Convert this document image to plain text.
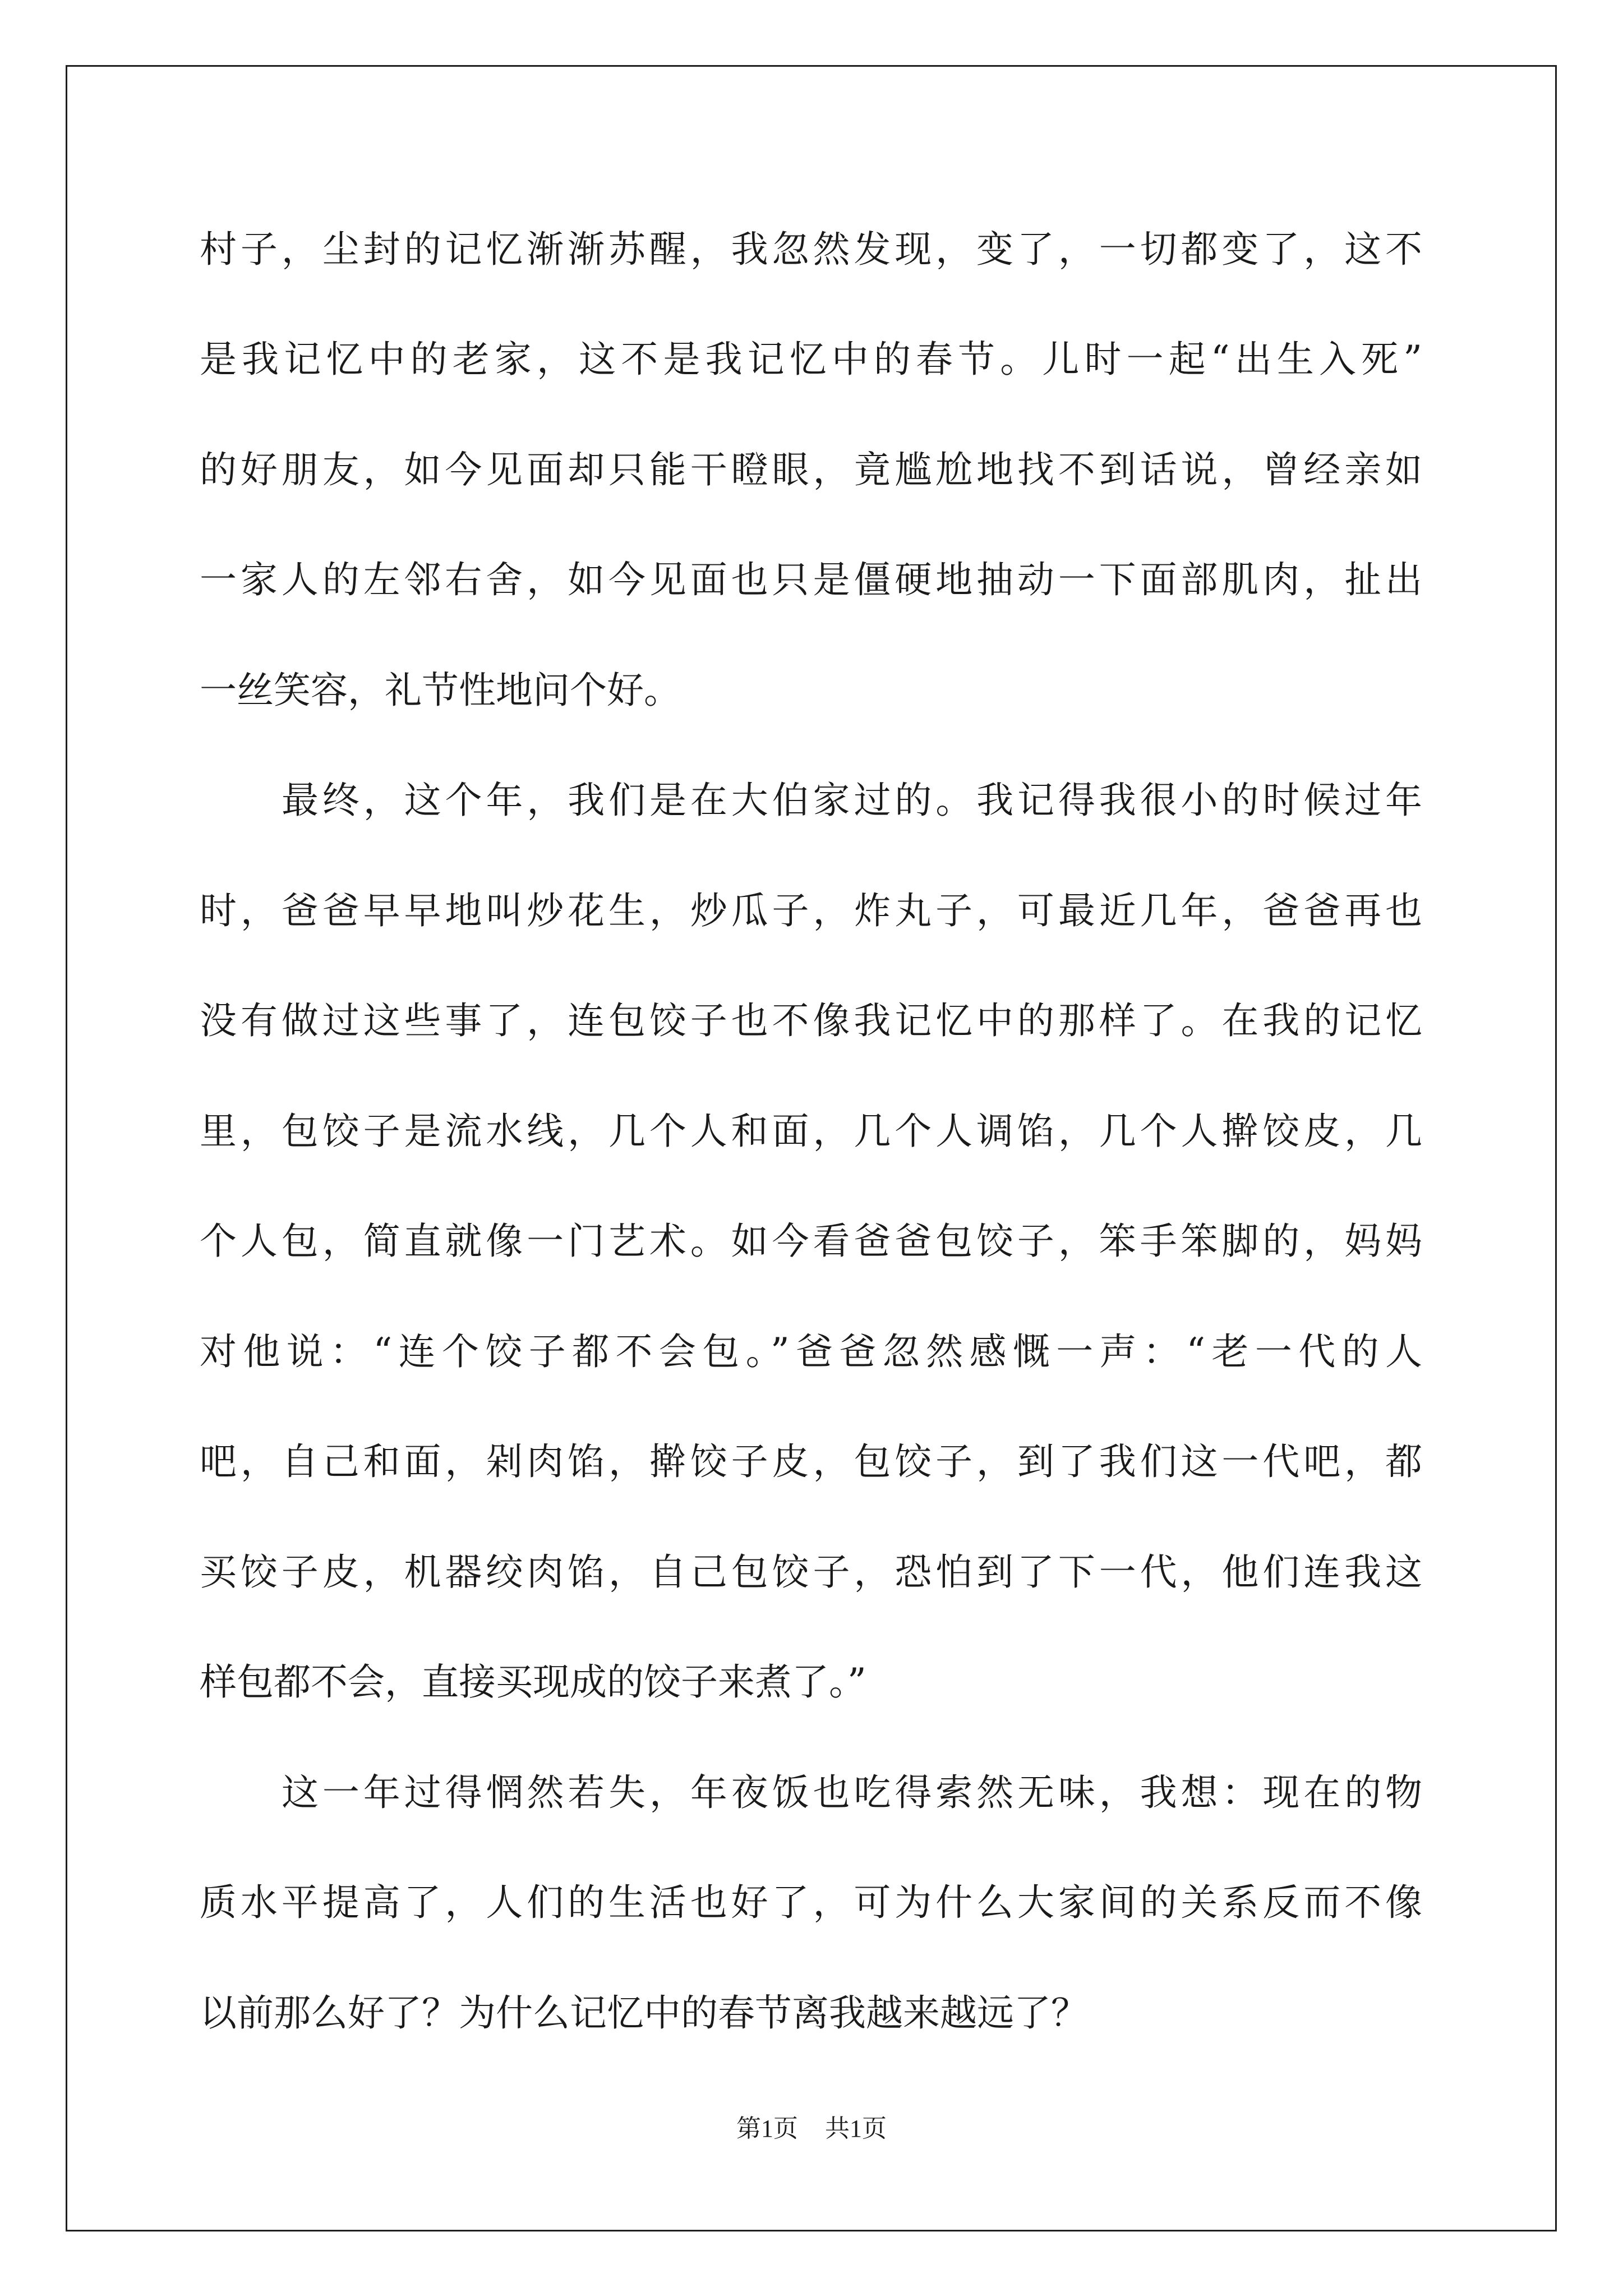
村子，尘封的记忆渐渐苏醒，我忽然发现，变了，一切都变了，这不
是我记忆中的老家，这不是我记忆中的春节。儿时一起“出生入死”
的好朋友，如今见面却只能干瞪眼，竟尴尬地找不到话说，曾经亲如
一家人的左邻右舍，如今见面也只是僵硬地抽动一下面部肌肉，扯出
一丝笑容，礼节性地问个好。
最终，这个年，我们是在大伯家过的。我记得我很小的时候过年
时，爸爸早早地叫炒花生，炒瓜子，炸丸子，可最近几年，爸爸再也
没有做过这些事了，连包饺子也不像我记忆中的那样了。在我的记忆
里，包饺子是流水线，几个人和面，几个人调馅，几个人擀饺皮，几
个人包，简直就像一门艺术。如今看爸爸包饺子，笨手笨脚的，妈妈
对他说：“连个饺子都不会包。”爸爸忽然感慨一声：“老一代的人
吧，自己和面，剁肉馅，擀饺子皮，包饺子，到了我们这一代吧，都
买饺子皮，机器绞肉馅，自己包饺子，恐怕到了下一代，他们连我这
样包都不会，直接买现成的饺子来煮了。”
这一年过得惘然若失，年夜饭也吃得索然无味，我想：现在的物
质水平提高了，人们的生活也好了，可为什么大家间的关系反而不像
以前那么好了？为什么记忆中的春节离我越来越远了？
第1页 共1页
